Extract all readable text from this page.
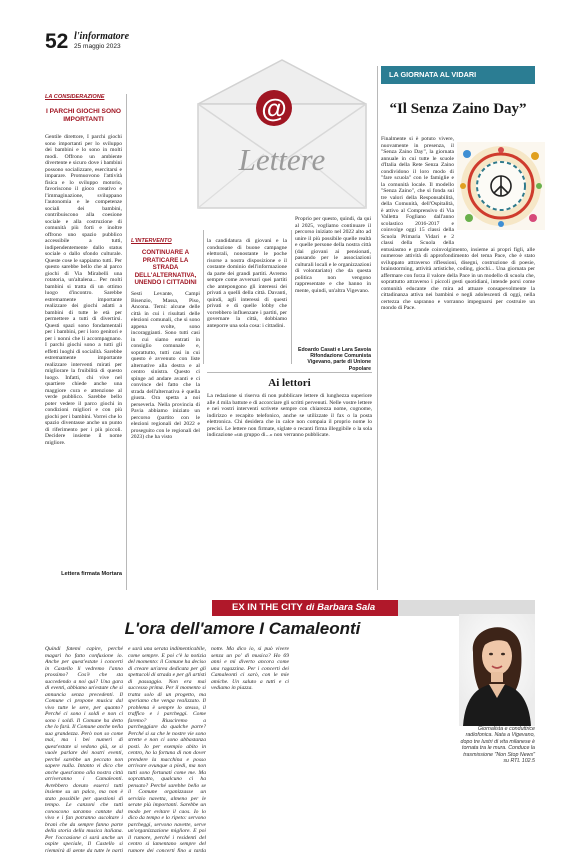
52 l'informatore
25 maggio 2023
@
Lettere
LA CONSIDERAZIONE
I PARCHI GIOCHI SONO IMPORTANTI
Gentile direttore, I parchi giochi sono importanti per lo sviluppo dei bambini e lo sono in molti modi. Offrono un ambiente divertente e sicuro dove i bambini possono socializzare, esercitarsi e imparare. Promuovono l'attività fisica e lo sviluppo motorio, favoriscono il gioco creativo e l'immaginazione, sviluppano l'autonomia e le competenze sociali dei bambini, contribuiscono alla coesione sociale e alla costruzione di comunità più forti e inoltre offrono uno spazio pubblico accessibile a tutti, indipendentemente dallo status sociale o dallo sfondo culturale. Queste cose le sappiamo tutti. Per questo sarebbe bello che al parco giochi di Via Mirabelli una rotatoria, un'altalena... Per molti bambini si tratta di un ottimo luogo d'incontro. Sarebbe estremamente importante realizzare dei giochi adatti a bambini di tutte le età per permettere a tutti di divertirsi. Questi spazi sono fondamentali per i bambini, per i loro genitori e per i nonni che li accompagnano. I parchi giochi sono a tutti gli effetti luoghi di socialità. Sarebbe estremamente importante realizzare interventi mirati per migliorare la fruibilità di questo luogo. Infatti, chi vive nel quartiere chiede anche una maggiore cura e attenzione al verde pubblico. Sarebbe bello poter vedere il parco giochi in condizioni migliori e con più giochi per i bambini. Vorrei che lo spazio diventasse anche un punto di riferimento per i più piccoli. Decidere insieme il nome migliore.
Lettera firmata Mortara
L'INTERVENTO
CONTINUARE A PRATICARE LA STRADA DELL'ALTERNATIVA, UNENDO I CITTADINI
Sesti Levante, Campi Bisenzio, Massa, Piso, Ancona. Terni: alcune delle città in cui i risultati delle elezioni comunali, che si sono appena svolte, sono incoraggianti. Sono tutti casi in cui siamo entrati in consiglio comunale e, soprattutto, tutti casi in cui questo è avvenuto con liste alternative alla destra e al centro sinistra. Questo ci spinge ad andare avanti e ci convince del fatto che la strada dell'alternativa è quella giusta. Ora spetta a noi perseverla. Nella provincia di Pavia abbiamo iniziato un percorso (partito con le elezioni regionali del 2022 e proseguito con le regionali del 2023) che ha visto
la candidatura di giovani e la conduzione di buone campagne elettorali, nonostante le poche risorse a nostra disposizione e il costante dominio dell'informazione da parte dei grandi partiti. Avremo sempre come avversari quei partiti che antepongono gli interessi dei privati a quelli della città. Davanti, quindi, agli interessi di questi privati e di quelle lobby che vorrebbero influenzare i partiti, per governare la città, dobbiamo anteporre una sola cosa: i cittadini.
Proprio per questo, quindi, da qui al 2025, vogliamo continuare il percorso iniziato nel 2022 alto ad unire il più possibile quelle realtà e quelle persone della nostra città (dai giovani ai pensionati, passando per le associazioni culturali locali e le organizzazioni di volontariato) che da questa politica non vengono rappresentate e che hanno in mente, quindi, un'altra Vigevano.
Edoardo Casati e Lara Savoia Rifondazione Comunista Vigevano, parte di Unione Popolare
Ai lettori
La redazione si riserva di non pubblicare lettere di lunghezza superiore alle 4 mila battute e di accorciare gli scritti pervenuti. Nelle vostre lettere e nei vostri interventi scrivete sempre con chiarezza nome, cognome, indirizzo e recapito telefonico, anche se utilizzate il fax o la posta elettronica. Chi desidera che in calce non compaia il proprio nome lo precisi. Le lettere non firmate, siglate o recanti firma illeggibile o la sola indicazione «un gruppo di...» non verranno pubblicate.
LA GIORNATA AL VIDARI
“Il Senza Zaino Day”
Finalmente si è potuto vivere, nuovamente in presenza, il "Senza Zaino Day", la giornata annuale in cui tutte le scuole d'Italia della Rete Senza Zaino condividono il loro modo di "fare scuola" con le famiglie e la comunità locale. Il modello "Senza Zaino", che si fonda sui tre valori della Responsabilità, della Comunità, dell'Ospitalità, è attivo al Comprensivo di Via Valletta Fogliano dall'anno scolastico 2016-2017 e coinvolge oggi 15 classi della Scuola Primaria Vidari e 2 classi della Scuola della

entusiasmo e grande coinvolgimento, insieme ai propri figli, alle numerose attività di approfondimento del tema Pace, che è stato sviluppato attraverso riflessioni, disegni, costruzione di poesie, brainstorming, attività artistiche, coding, giochi... Una giornata per affermare con forza il valore della Pace in un modello di scuola che, soprattutto attraverso i piccoli gesti quotidiani, intende porsi come comunità educante che mira ad attuare consapevolmente la cittadinanza attiva nei bambini e negli adolescenti di oggi, nella certezza che sapranno e vorranno impegnarsi per costruire un mondo di Pace.

EX IN THE CITY di Barbara Sala
L'ora dell'amore I Camaleonti
Giornalista e conduttrice radiofonica. Nata a Vigevano, dopo tre lustri di vita milanese è tornata tra le mura. Conduce la trasmissione "Non Stop News" su RTL 102.5

Quindi fatemi capire, perché magari ho fatto confusione io. Anche per quest'estate i concerti in Castello li vedremo l'anno prossimo? Cos'è che sta succedendo a noi qui? Una gara di eventi, abbiamo un'estate che si annuncia senza precedenti. Il Comune ci propone musica dal vivo tutte le sere, per quanto? Perché ci sono i soldi e non ci sono i soldi. Il Comune ha detto che lo farà. Il Comune anche nella sua grandezza. Però non so come mai, ma i bei numeri di quest'estate si vedono già, se si vuole parlare dei nostri eventi, perché sarebbe un peccato non sapere nulla. Intanto vi dico che anche quest'anno alla nostra città arriveranno i Camaleonti. Avrebbero dovuto esserci tutti insieme su un palco, ma non è stato possibile per questioni di tempo. Le canzoni che tutti conoscono saranno cantate dal vivo e i fan potranno ascoltare i brani che da sempre fanno parte della storia della musica italiana. Per l'occasione ci sarà anche un ospite speciale, Il Castello si riempirà di gente da tutte le parti

e sarà una serata indimenticabile, come sempre. E poi c'è la notizia del momento: il Comune ha deciso di creare un'area dedicata per gli spettacoli di strada e per gli artisti di passaggio. Non era mai successo prima. Per il momento si tratta solo di un progetto, ma speriamo che venga realizzato. Il problema è sempre lo stesso, il traffico e i parcheggi. Come faremo? Riusciremo a parcheggiare da qualche parte? Perché si sa che le nostre vie sono strette e non ci sono abbastanza posti. Io per esempio abito in centro, ho la fortuna di non dover prendere la macchina e posso arrivare ovunque a piedi, ma non tutti sono fortunati come me. Ma soprattutto, qualcuno ci ha pensato? Perché sarebbe bello se il Comune organizzasse un servizio navetta, almeno per le serate più importanti. Sarebbe un modo per evitare il caos. Io lo dico da tempo e lo ripeto: servono parcheggi, servono navette, serve un'organizzazione migliore. E poi il rumore, perché i residenti del centro si lamentano sempre del rumore dei concerti fino a tarda

notte. Ma dico io, si può vivere senza un po' di musica? Ho 69 anni e mi diverto ancora come una ragazzina. Per i concerti dei Camaleonti ci sarò, con le mie amiche. Un saluto a tutti e ci vediamo in piazza.
